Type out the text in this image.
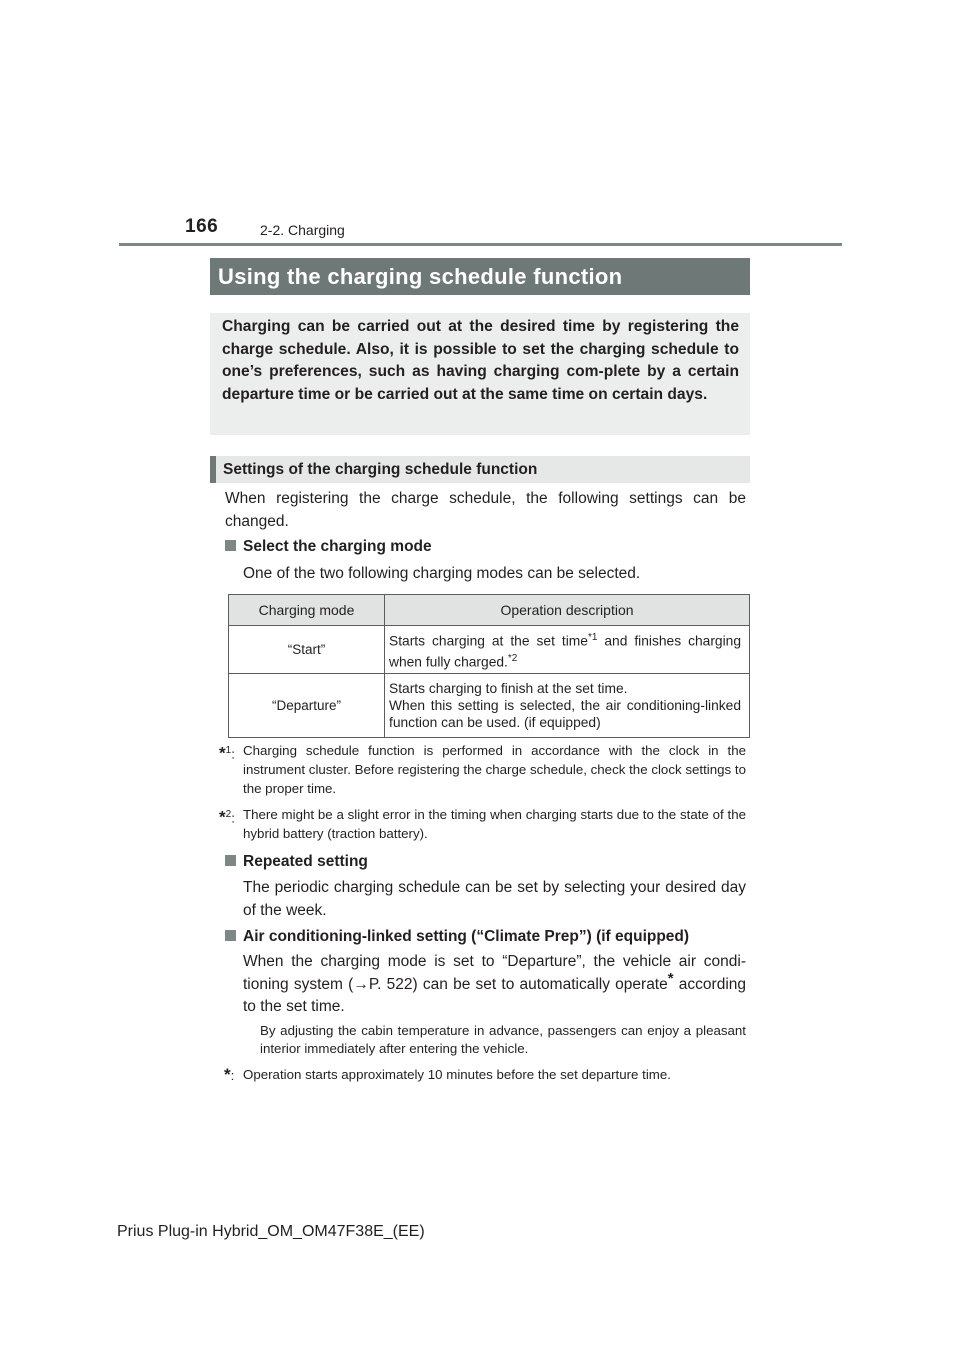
166	2-2. Charging
Using the charging schedule function
Charging can be carried out at the desired time by registering the charge schedule. Also, it is possible to set the charging schedule to one’s preferences, such as having charging com-plete by a certain departure time or be carried out at the same time on certain days.
Settings of the charging schedule function
When registering the charge schedule, the following settings can be changed.
Select the charging mode
One of the two following charging modes can be selected.
Charging mode	Operation description
“Start”	Starts charging at the set time$^{*1}$ and finishes charging when fully charged.$^{*2}$
“Departure”	Starts charging to finish at the set time.
When this setting is selected, the air conditioning-linked function can be used. (if equipped)
*$^1$: Charging schedule function is performed in accordance with the clock in the instrument cluster. Before registering the charge schedule, check the clock settings to the proper time.
*$^2$: There might be a slight error in the timing when charging starts due to the state of the hybrid battery (traction battery).
Repeated setting
The periodic charging schedule can be set by selecting your desired day of the week.
Air conditioning-linked setting (“Climate Prep”) (if equipped)
When the charging mode is set to “Departure”, the vehicle air condi-tioning system (→P. 522) can be set to automatically operate* according to the set time.
By adjusting the cabin temperature in advance, passengers can enjoy a pleasant interior immediately after entering the vehicle.
*: Operation starts approximately 10 minutes before the set departure time.
Prius Plug-in Hybrid_OM_OM47F38E_(EE)
